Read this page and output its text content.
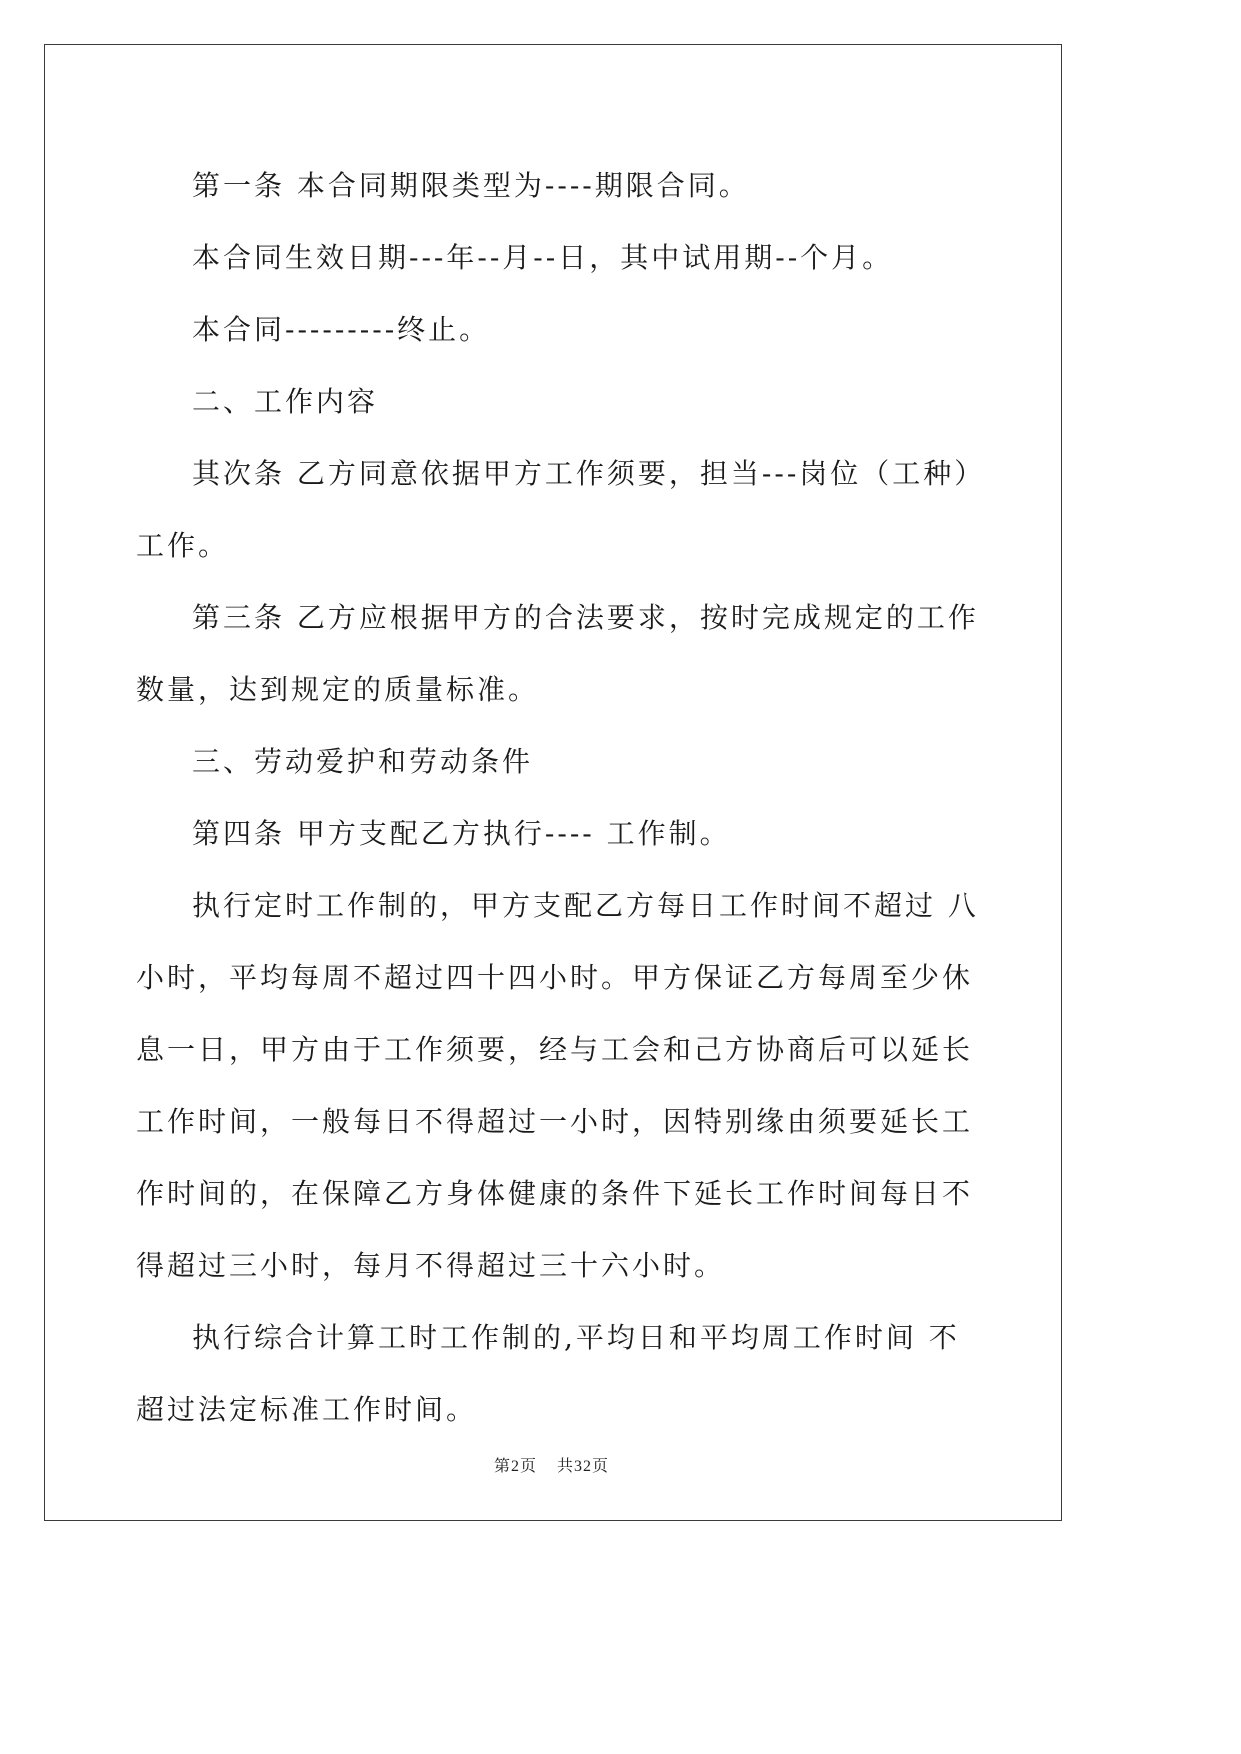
第一条 本合同期限类型为----期限合同。

本合同生效日期---年--月--日，其中试用期--个月。

本合同---------终止。

二、工作内容

其次条 乙方同意依据甲方工作须要，担当---岗位（工种）工作。

第三条 乙方应根据甲方的合法要求，按时完成规定的工作数量，达到规定的质量标准。

三、劳动爱护和劳动条件

第四条 甲方支配乙方执行---- 工作制。

执行定时工作制的，甲方支配乙方每日工作时间不超过 八小时，平均每周不超过四十四小时。甲方保证乙方每周至少休息一日，甲方由于工作须要，经与工会和己方协商后可以延长工作时间，一般每日不得超过一小时，因特别缘由须要延长工作时间的，在保障乙方身体健康的条件下延长工作时间每日不得超过三小时，每月不得超过三十六小时。

执行综合计算工时工作制的,平均日和平均周工作时间 不超过法定标准工作时间。

第2页 共32页
